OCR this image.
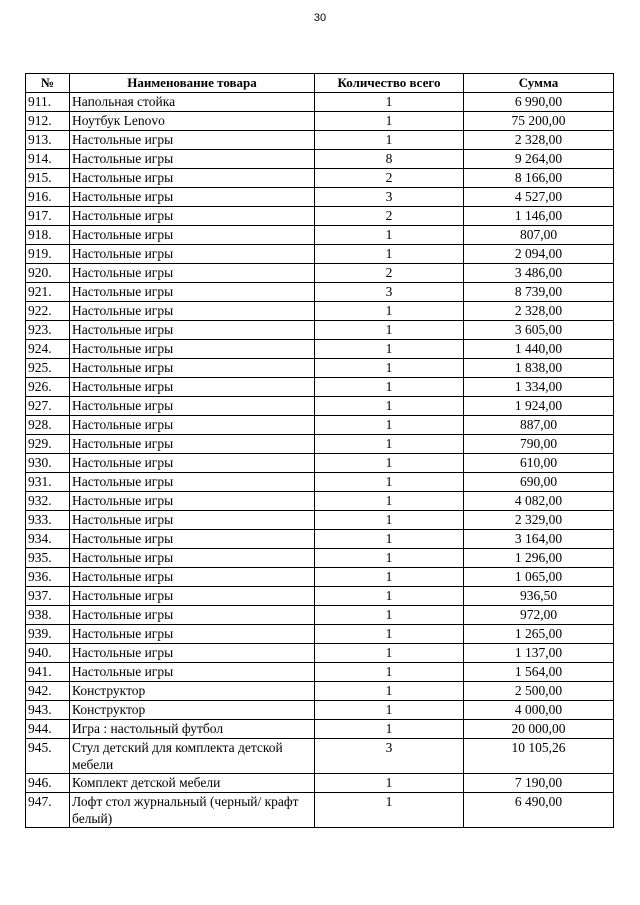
30
№	Наименование товара	Количество всего	Сумма
911.	Напольная стойка	1	6 990,00
912.	Ноутбук Lenovo	1	75 200,00
913.	Настольные игры	1	2 328,00
914.	Настольные игры	8	9 264,00
915.	Настольные игры	2	8 166,00
916.	Настольные игры	3	4 527,00
917.	Настольные игры	2	1 146,00
918.	Настольные игры	1	807,00
919.	Настольные игры	1	2 094,00
920.	Настольные игры	2	3 486,00
921.	Настольные игры	3	8 739,00
922.	Настольные игры	1	2 328,00
923.	Настольные игры	1	3 605,00
924.	Настольные игры	1	1 440,00
925.	Настольные игры	1	1 838,00
926.	Настольные игры	1	1 334,00
927.	Настольные игры	1	1 924,00
928.	Настольные игры	1	887,00
929.	Настольные игры	1	790,00
930.	Настольные игры	1	610,00
931.	Настольные игры	1	690,00
932.	Настольные игры	1	4 082,00
933.	Настольные игры	1	2 329,00
934.	Настольные игры	1	3 164,00
935.	Настольные игры	1	1 296,00
936.	Настольные игры	1	1 065,00
937.	Настольные игры	1	936,50
938.	Настольные игры	1	972,00
939.	Настольные игры	1	1 265,00
940.	Настольные игры	1	1 137,00
941.	Настольные игры	1	1 564,00
942.	Конструктор	1	2 500,00
943.	Конструктор	1	4 000,00
944.	Игра : настольный футбол	1	20 000,00
945.	Стул детский для комплекта детской мебели	3	10 105,26
946.	Комплект детской мебели	1	7 190,00
947.	Лофт стол журнальный (черный/ крафт белый)	1	6 490,00
